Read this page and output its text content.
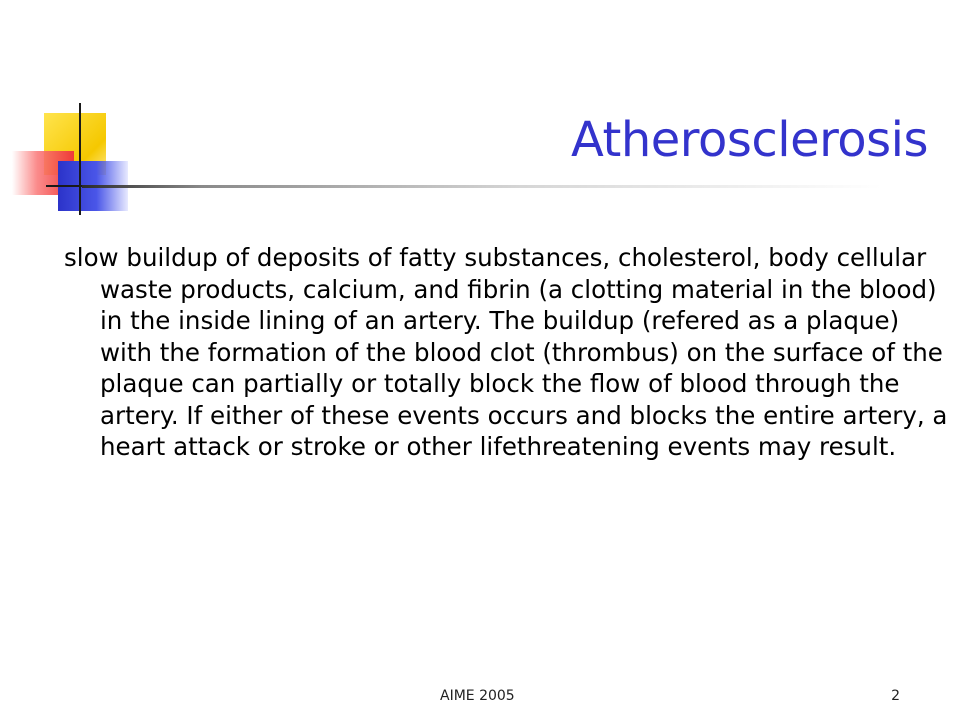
Atherosclerosis

slow buildup of deposits of fatty substances, cholesterol, body cellular waste products, calcium, and fibrin (a clotting material in the blood) in the inside lining of an artery. The buildup (refered as a plaque) with the formation of the blood clot (thrombus) on the surface of the plaque can partially or totally block the flow of blood through the artery. If either of these events occurs and blocks the entire artery, a heart attack or stroke or other lifethreatening events may result.

AIME 2005	2
